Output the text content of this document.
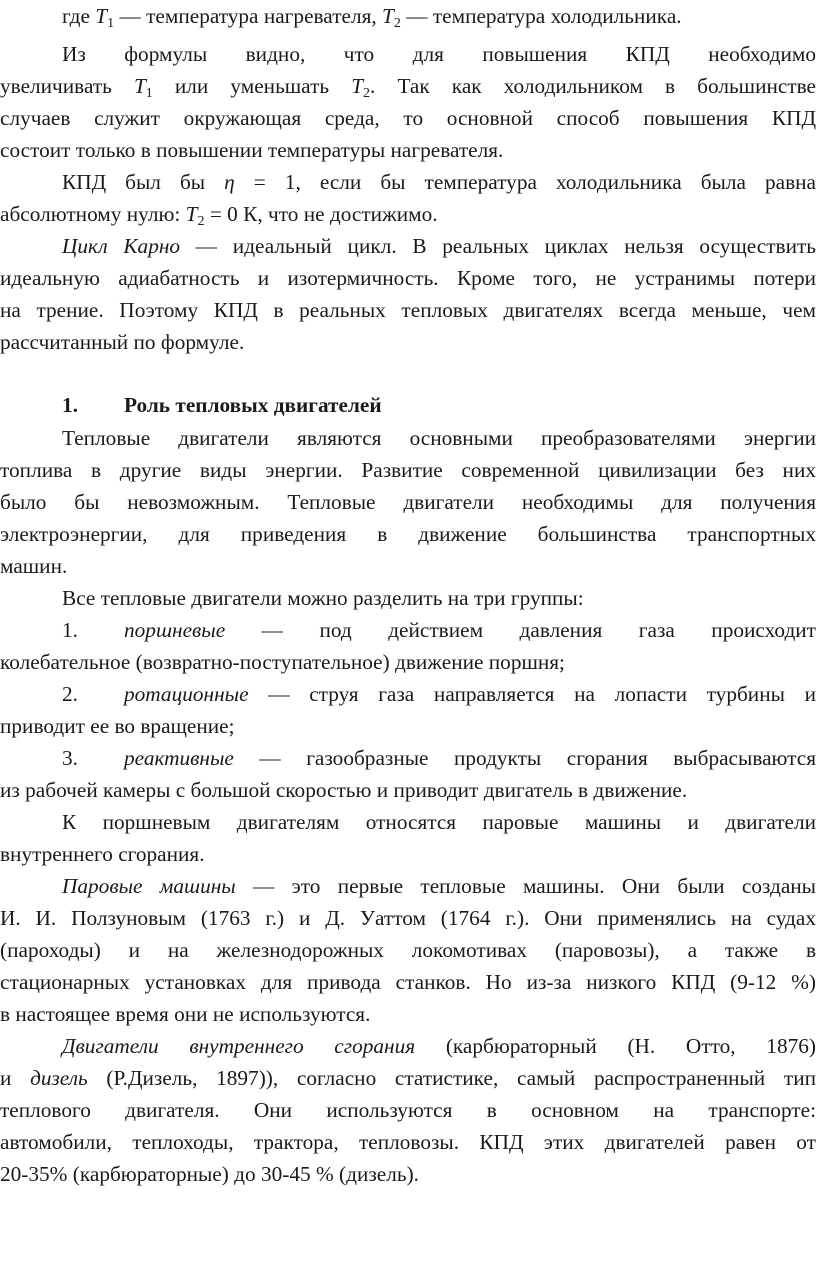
где $T_1$ — температура нагревателя, $T_2$ — температура холодильника.
Из формулы видно, что для повышения КПД необходимо
увеличивать $T_1$ или уменьшать $T_2$. Так как холодильником в большинстве
случаев служит окружающая среда, то основной способ повышения КПД
состоит только в повышении температуры нагревателя.
КПД был бы η = 1, если бы температура холодильника была равна
абсолютному нулю: $T_2 = 0$ К, что не достижимо.
Цикл Карно — идеальный цикл. В реальных циклах нельзя осуществить
идеальную адиабатность и изотермичность. Кроме того, не устранимы потери
на трение. Поэтому КПД в реальных тепловых двигателях всегда меньше, чем
рассчитанный по формуле.
1. Роль тепловых двигателей
Тепловые двигатели являются основными преобразователями энергии
топлива в другие виды энергии. Развитие современной цивилизации без них
было бы невозможным. Тепловые двигатели необходимы для получения
электроэнергии, для приведения в движение большинства транспортных
машин.
Все тепловые двигатели можно разделить на три группы:
1. поршневые — под действием давления газа происходит
колебательное (возвратно-поступательное) движение поршня;
2. ротационные — струя газа направляется на лопасти турбины и
приводит ее во вращение;
3. реактивные — газообразные продукты сгорания выбрасываются
из рабочей камеры с большой скоростью и приводит двигатель в движение.
К поршневым двигателям относятся паровые машины и двигатели
внутреннего сгорания.
Паровые машины — это первые тепловые машины. Они были созданы
И. И. Ползуновым (1763 г.) и Д. Уаттом (1764 г.). Они применялись на судах
(пароходы) и на железнодорожных локомотивах (паровозы), а также в
стационарных установках для привода станков. Но из-за низкого КПД (9-12 %)
в настоящее время они не используются.
Двигатели внутреннего сгорания (карбюраторный (Н. Отто, 1876)
и дизель (Р.Дизель, 1897)), согласно статистике, самый распространенный тип
теплового двигателя. Они используются в основном на транспорте:
автомобили, теплоходы, трактора, тепловозы. КПД этих двигателей равен от
20-35% (карбюраторные) до 30-45 % (дизель).
